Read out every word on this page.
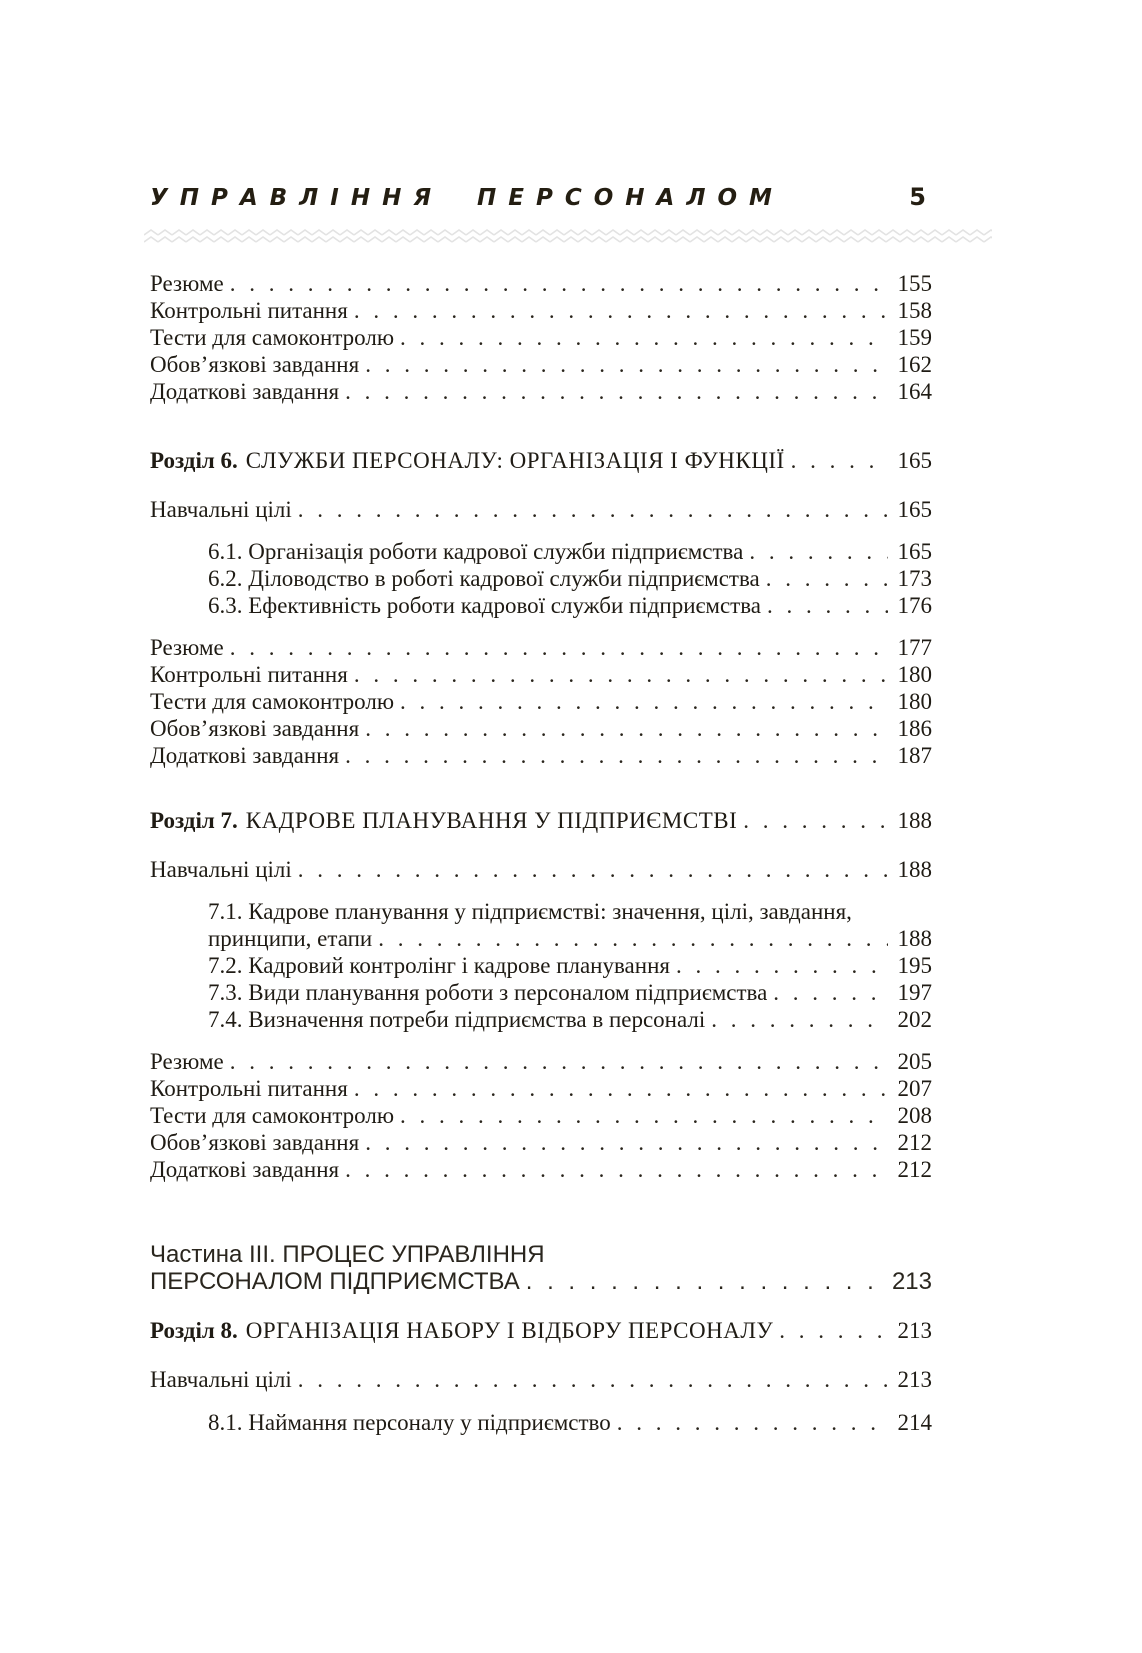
УПРАВЛІННЯ ПЕРСОНАЛОМ	5
Резюме . . .	155
Контрольні питання . . .	158
Тести для самоконтролю . . .	159
Обов’язкові завдання . . .	162
Додаткові завдання . . .	164
Розділ 6. СЛУЖБИ ПЕРСОНАЛУ: ОРГАНІЗАЦІЯ І ФУНКЦІЇ . . .	165
Навчальні цілі . . .	165
6.1. Організація роботи кадрової служби підприємства . . .	165
6.2. Діловодство в роботі кадрової служби підприємства . . .	173
6.3. Ефективність роботи кадрової служби підприємства . . .	176
Резюме . . .	177
Контрольні питання . . .	180
Тести для самоконтролю . . .	180
Обов’язкові завдання . . .	186
Додаткові завдання . . .	187
Розділ 7. КАДРОВЕ ПЛАНУВАННЯ У ПІДПРИЄМСТВІ . . .	188
Навчальні цілі . . .	188
7.1. Кадрове планування у підприємстві: значення, цілі, завдання,
принципи, етапи . . .	188
7.2. Кадровий контролінг і кадрове планування . . .	195
7.3. Види планування роботи з персоналом підприємства . . .	197
7.4. Визначення потреби підприємства в персоналі . . .	202
Резюме . . .	205
Контрольні питання . . .	207
Тести для самоконтролю . . .	208
Обов’язкові завдання . . .	212
Додаткові завдання . . .	212
Частина III. ПРОЦЕС УПРАВЛІННЯ
ПЕРСОНАЛОМ ПІДПРИЄМСТВА . . .	213
Розділ 8. ОРГАНІЗАЦІЯ НАБОРУ І ВІДБОРУ ПЕРСОНАЛУ . . .	213
Навчальні цілі . . .	213
8.1. Наймання персоналу у підприємство . . .	214
